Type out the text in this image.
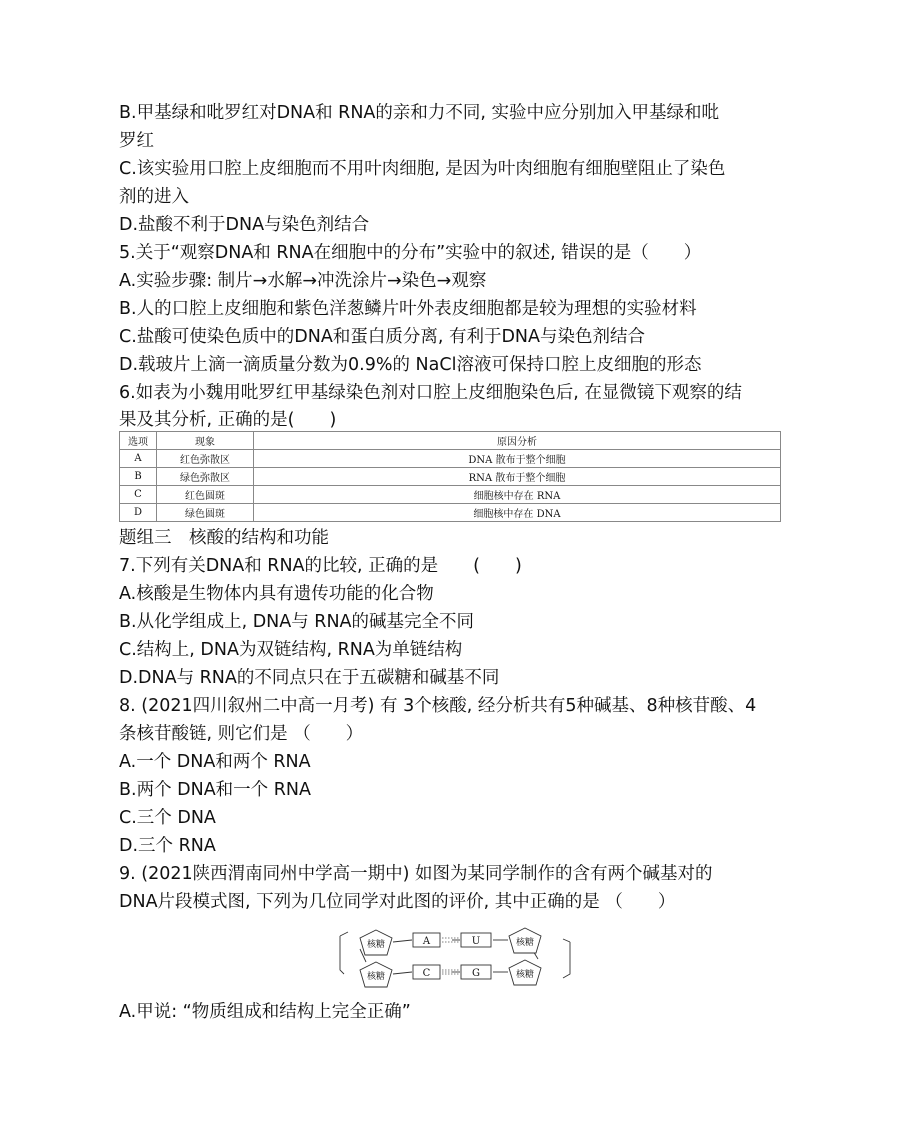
B.甲基绿和吡罗红对DNA和 RNA的亲和力不同, 实验中应分别加入甲基绿和吡
罗红
C.该实验用口腔上皮细胞而不用叶肉细胞, 是因为叶肉细胞有细胞壁阻止了染色
剂的进入
D.盐酸不利于DNA与染色剂结合
5.关于“观察DNA和 RNA在细胞中的分布”实验中的叙述, 错误的是（　　）
A.实验步骤: 制片→水解→冲洗涂片→染色→观察
B.人的口腔上皮细胞和紫色洋葱鳞片叶外表皮细胞都是较为理想的实验材料
C.盐酸可使染色质中的DNA和蛋白质分离, 有利于DNA与染色剂结合
D.载玻片上滴一滴质量分数为0.9%的 NaCl溶液可保持口腔上皮细胞的形态
6.如表为小魏用吡罗红甲基绿染色剂对口腔上皮细胞染色后, 在显微镜下观察的结
果及其分析, 正确的是(　　)
选项	现象	原因分析
A	红色弥散区	DNA 散布于整个细胞
B	绿色弥散区	RNA 散布于整个细胞
C	红色圆斑	细胞核中存在 RNA
D	绿色圆斑	细胞核中存在 DNA
题组三　核酸的结构和功能
7.下列有关DNA和 RNA的比较, 正确的是　　(　　)
A.核酸是生物体内具有遗传功能的化合物
B.从化学组成上, DNA与 RNA的碱基完全不同
C.结构上, DNA为双链结构, RNA为单链结构
D.DNA与 RNA的不同点只在于五碳糖和碱基不同
8. (2021四川叙州二中高一月考) 有 3个核酸, 经分析共有5种碱基、8种核苷酸、4
条核苷酸链, 则它们是 （　　）
A.一个 DNA和两个 RNA
B.两个 DNA和一个 RNA
C.三个 DNA
D.三个 RNA
9. (2021陕西渭南同州中学高一期中) 如图为某同学制作的含有两个碱基对的
DNA片段模式图, 下列为几位同学对此图的评价, 其中正确的是 （　　）
核糖
核糖
核糖
核糖
A	U
C	G
A.甲说: “物质组成和结构上完全正确”
